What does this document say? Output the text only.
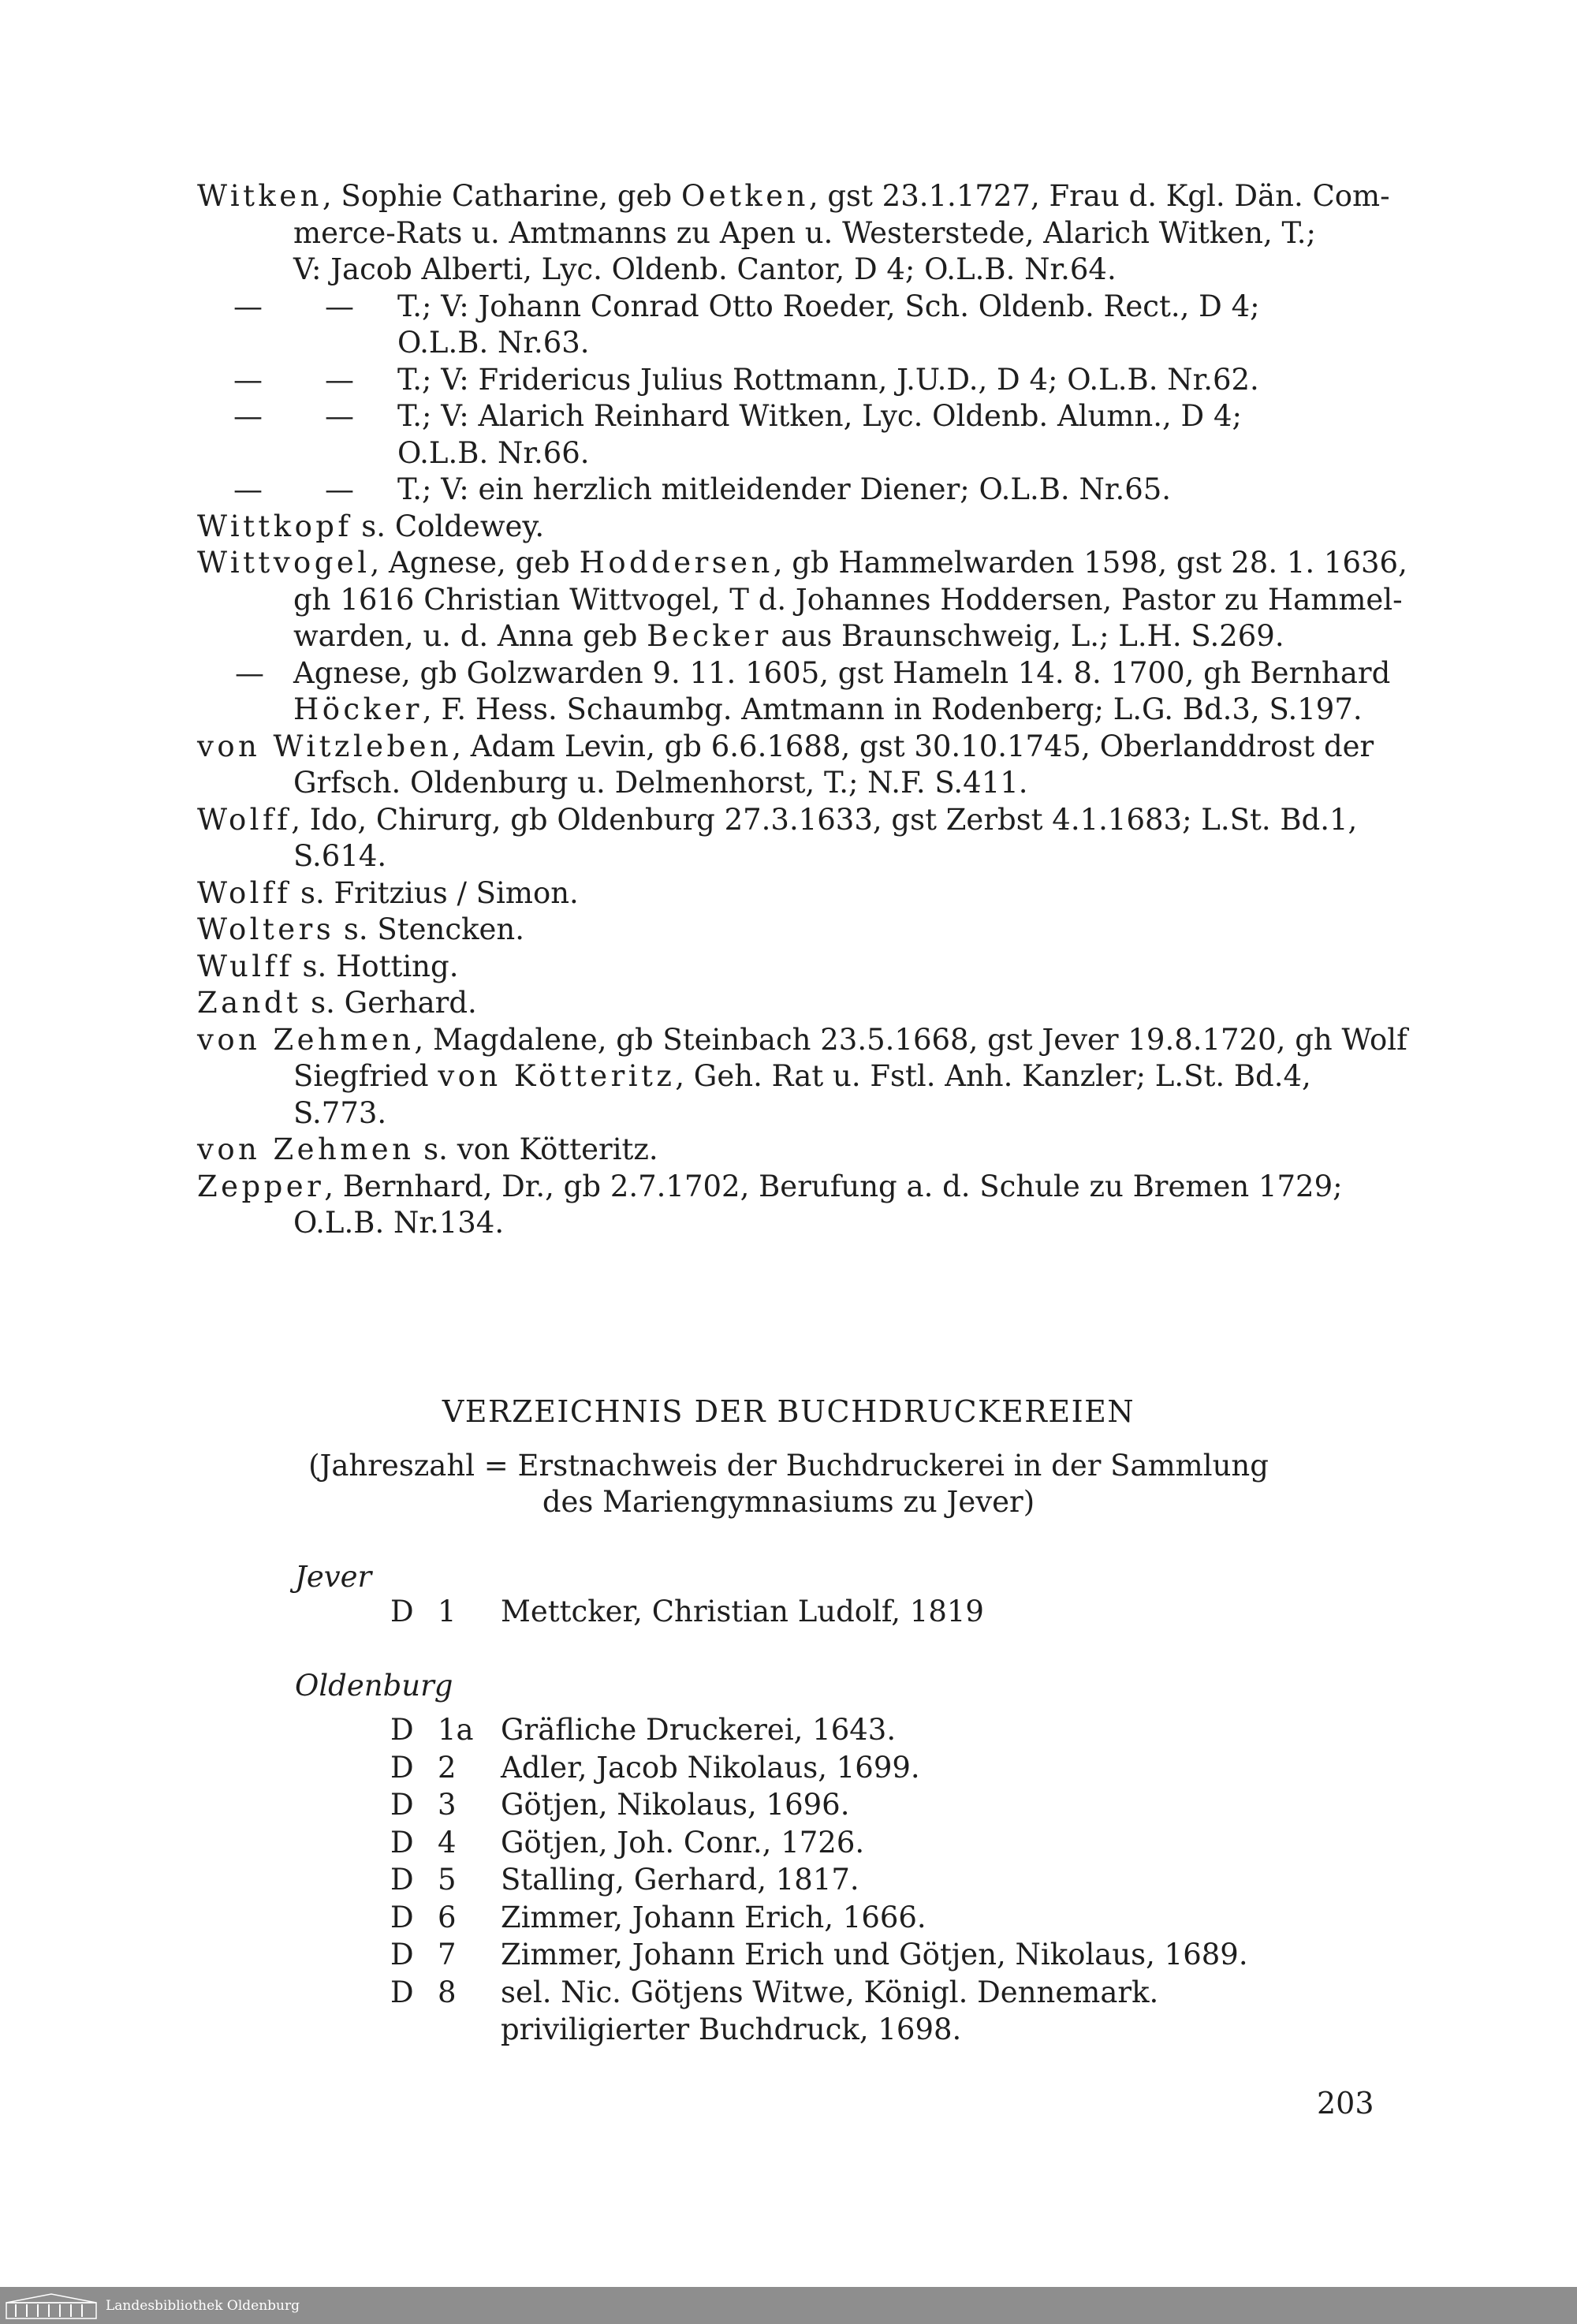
Witken, Sophie Catharine, geb Oetken, gst 23.1.1727, Frau d. Kgl. Dän. Com-
merce-Rats u. Amtmanns zu Apen u. Westerstede, Alarich Witken, T.;
V: Jacob Alberti, Lyc. Oldenb. Cantor, D 4; O.L.B. Nr.64.
—	—	T.; V: Johann Conrad Otto Roeder, Sch. Oldenb. Rect., D 4;
O.L.B. Nr.63.
—	—	T.; V: Fridericus Julius Rottmann, J.U.D., D 4; O.L.B. Nr.62.
—	—	T.; V: Alarich Reinhard Witken, Lyc. Oldenb. Alumn., D 4;
O.L.B. Nr.66.
—	—	T.; V: ein herzlich mitleidender Diener; O.L.B. Nr.65.
Wittkopf s. Coldewey.
Wittvogel, Agnese, geb Hoddersen, gb Hammelwarden 1598, gst 28. 1. 1636,
gh 1616 Christian Wittvogel, T d. Johannes Hoddersen, Pastor zu Hammel-
warden, u. d. Anna geb Becker aus Braunschweig, L.; L.H. S.269.
— Agnese, gb Golzwarden 9. 11. 1605, gst Hameln 14. 8. 1700, gh Bernhard
Höcker, F. Hess. Schaumbg. Amtmann in Rodenberg; L.G. Bd.3, S.197.
von Witzleben, Adam Levin, gb 6.6.1688, gst 30.10.1745, Oberlanddrost der
Grfsch. Oldenburg u. Delmenhorst, T.; N.F. S.411.
Wolff, Ido, Chirurg, gb Oldenburg 27.3.1633, gst Zerbst 4.1.1683; L.St. Bd.1,
S.614.
Wolff s. Fritzius / Simon.
Wolters s. Stencken.
Wulff s. Hotting.
Zandt s. Gerhard.
von Zehmen, Magdalene, gb Steinbach 23.5.1668, gst Jever 19.8.1720, gh Wolf
Siegfried von Kötteritz, Geh. Rat u. Fstl. Anh. Kanzler; L.St. Bd.4,
S.773.
von Zehmen s. von Kötteritz.
Zepper, Bernhard, Dr., gb 2.7.1702, Berufung a. d. Schule zu Bremen 1729;
O.L.B. Nr.134.
VERZEICHNIS DER BUCHDRUCKEREIEN
(Jahreszahl = Erstnachweis der Buchdruckerei in der Sammlung
des Mariengymnasiums zu Jever)
Jever
D 1	Mettcker, Christian Ludolf, 1819
Oldenburg
D 1a Gräfliche Druckerei, 1643.
D 2	Adler, Jacob Nikolaus, 1699.
D 3	Götjen, Nikolaus, 1696.
D 4	Götjen, Joh. Conr., 1726.
D 5	Stalling, Gerhard, 1817.
D 6	Zimmer, Johann Erich, 1666.
D 7	Zimmer, Johann Erich und Götjen, Nikolaus, 1689.
D 8	sel. Nic. Götjens Witwe, Königl. Dennemark. priviligierter Buchdruck, 1698.
203
Landesbibliothek Oldenburg
